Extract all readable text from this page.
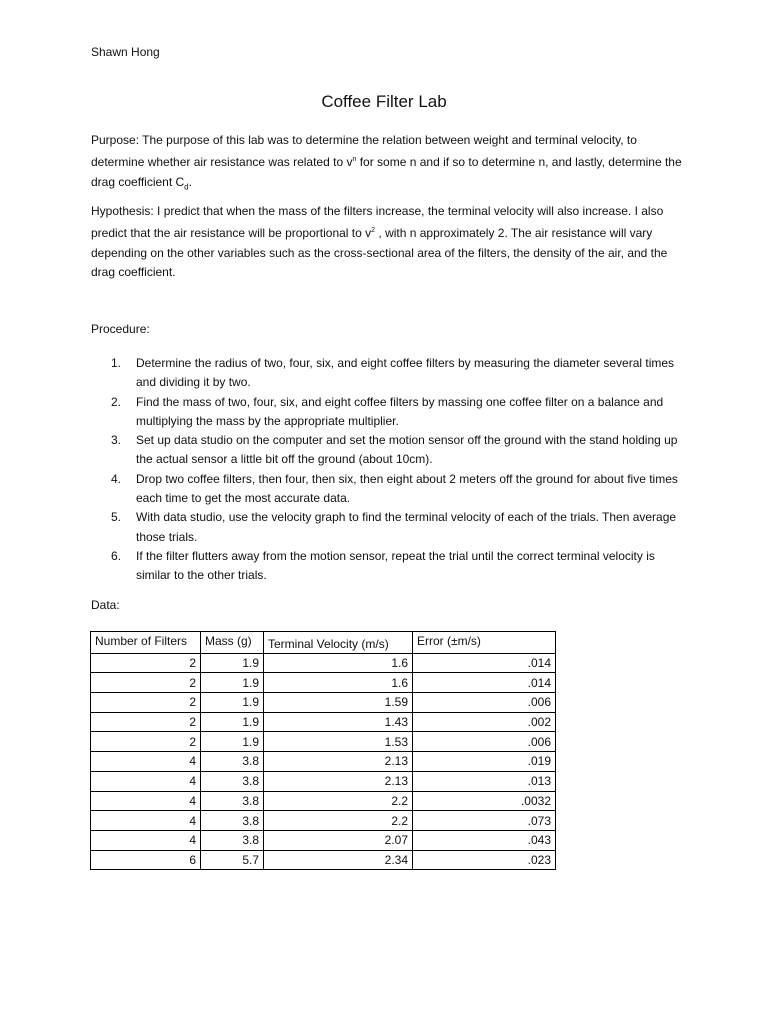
Shawn Hong
Coffee Filter Lab
Purpose: The purpose of this lab was to determine the relation between weight and terminal velocity, to determine whether air resistance was related to $v^n$ for some n and if so to determine n, and lastly, determine the drag coefficient $C_d$.
Hypothesis: I predict that when the mass of the filters increase, the terminal velocity will also increase. I also predict that the air resistance will be proportional to $v^2$ , with n approximately 2. The air resistance will vary depending on the other variables such as the cross-sectional area of the filters, the density of the air, and the drag coefficient.
Procedure:
1. Determine the radius of two, four, six, and eight coffee filters by measuring the diameter several times and dividing it by two.
2. Find the mass of two, four, six, and eight coffee filters by massing one coffee filter on a balance and multiplying the mass by the appropriate multiplier.
3. Set up data studio on the computer and set the motion sensor off the ground with the stand holding up the actual sensor a little bit off the ground (about 10cm).
4. Drop two coffee filters, then four, then six, then eight about 2 meters off the ground for about five times each time to get the most accurate data.
5. With data studio, use the velocity graph to find the terminal velocity of each of the trials. Then average those trials.
6. If the filter flutters away from the motion sensor, repeat the trial until the correct terminal velocity is similar to the other trials.
Data:
Number of Filters	Mass (g)	Terminal Velocity (m/s)	Error (±m/s)
2	1.9	1.6	.014
2	1.9	1.6	.014
2	1.9	1.59	.006
2	1.9	1.43	.002
2	1.9	1.53	.006
4	3.8	2.13	.019
4	3.8	2.13	.013
4	3.8	2.2	.0032
4	3.8	2.2	.073
4	3.8	2.07	.043
6	5.7	2.34	.023
